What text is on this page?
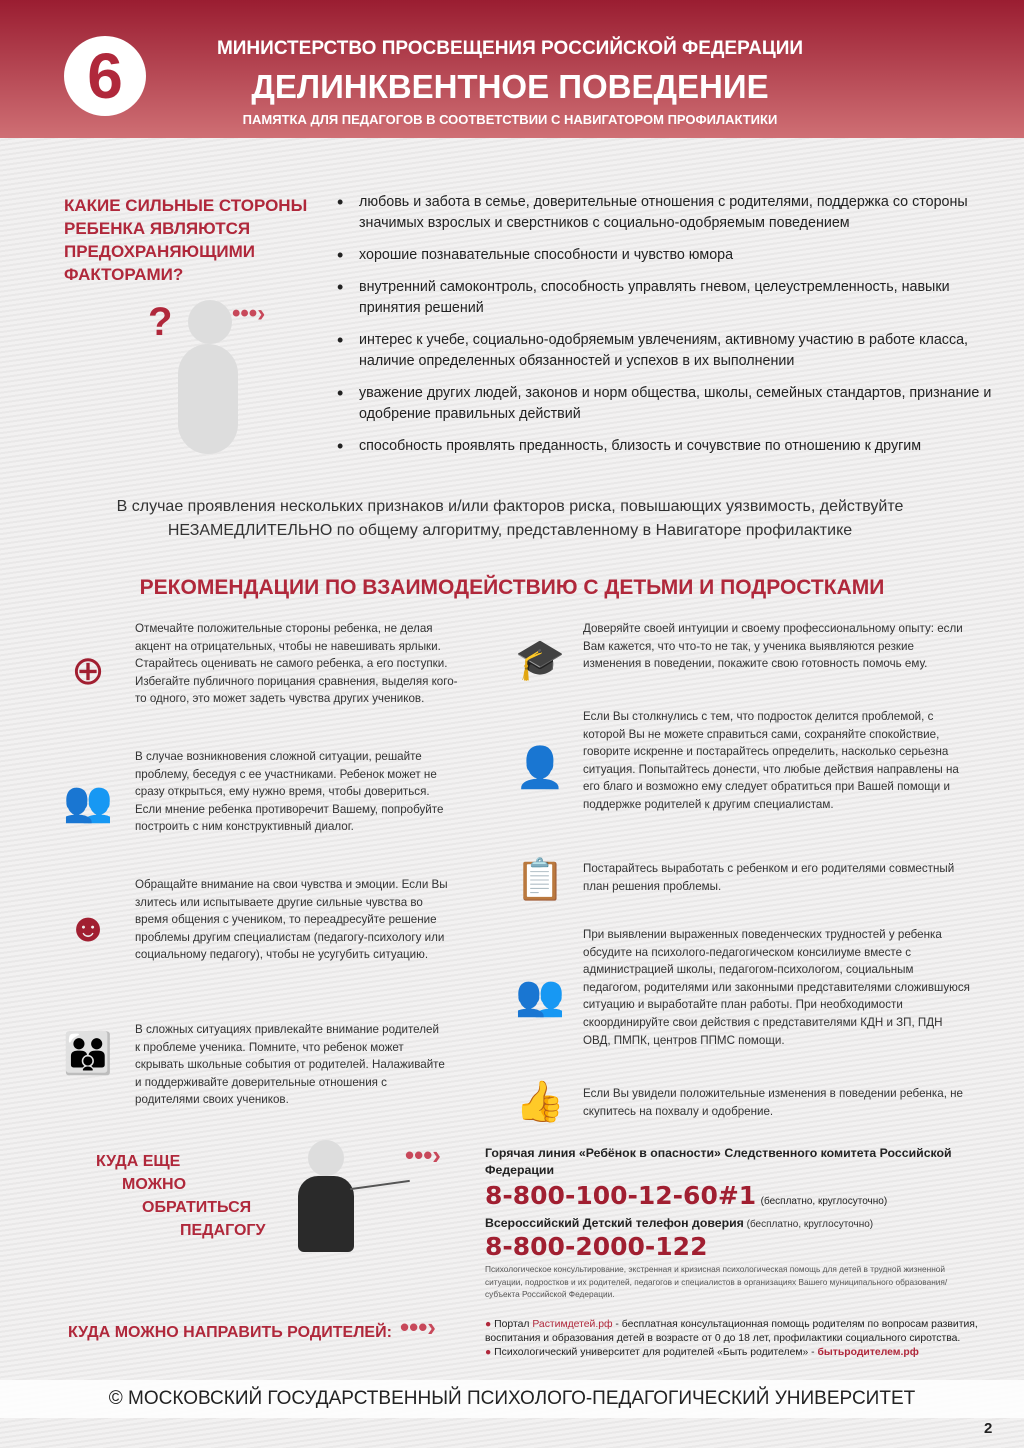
6	МИНИСТЕРСТВО ПРОСВЕЩЕНИЯ РОССИЙСКОЙ ФЕДЕРАЦИИ
ДЕЛИНКВЕНТНОЕ ПОВЕДЕНИЕ
ПАМЯТКА ДЛЯ ПЕДАГОГОВ В СООТВЕТСТВИИ С НАВИГАТОРОМ ПРОФИЛАКТИКИ
КАКИЕ СИЛЬНЫЕ СТОРОНЫ РЕБЕНКА ЯВЛЯЮТСЯ ПРЕДОХРАНЯЮЩИМИ ФАКТОРАМИ?
? •••›
• любовь и забота в семье, доверительные отношения с родителями, поддержка со стороны значимых взрослых и сверстников с социально-одобряемым поведением
• хорошие познавательные способности и чувство юмора
• внутренний самоконтроль, способность управлять гневом, целеустремленность, навыки принятия решений
• интерес к учебе, социально-одобряемым увлечениям, активному участию в работе класса, наличие определенных обязанностей и успехов в их выполнении
• уважение других людей, законов и норм общества, школы, семейных стандартов, признание и одобрение правильных действий
• способность проявлять преданность, близость и сочувствие по отношению к другим
В случае проявления нескольких признаков и/или факторов риска, повышающих уязвимость, действуйте НЕЗАМЕДЛИТЕЛЬНО по общему алгоритму, представленному в Навигаторе профилактике
РЕКОМЕНДАЦИИ ПО ВЗАИМОДЕЙСТВИЮ С ДЕТЬМИ И ПОДРОСТКАМИ
⊕
Отмечайте положительные стороны ребенка, не делая акцент на отрицательных, чтобы не навешивать ярлыки. Старайтесь оценивать не самого ребенка, а его поступки. Избегайте публичного порицания сравнения, выделяя кого-то одного, это может задеть чувства других учеников.
👥
В случае возникновения сложной ситуации, решайте проблему, беседуя с ее участниками. Ребенок может не сразу открыться, ему нужно время, чтобы довериться. Если мнение ребенка противоречит Вашему, попробуйте построить с ним конструктивный диалог.
☻
Обращайте внимание на свои чувства и эмоции. Если Вы злитесь или испытываете другие сильные чувства во время общения с учеником, то переадресуйте решение проблемы другим специалистам (педагогу-психологу или социальному педагогу), чтобы не усугубить ситуацию.
👪
В сложных ситуациях привлекайте внимание родителей к проблеме ученика. Помните, что ребенок может скрывать школьные события от родителей. Налаживайте и поддерживайте доверительные отношения с родителями своих учеников.
🎓
Доверяйте своей интуиции и своему профессиональному опыту: если Вам кажется, что что-то не так, у ученика выявляются резкие изменения в поведении, покажите свою готовность помочь ему.
👤
Если Вы столкнулись с тем, что подросток делится проблемой, с которой Вы не можете справиться сами, сохраняйте спокойствие, говорите искренне и постарайтесь определить, насколько серьезна ситуация. Попытайтесь донести, что любые действия направлены на его благо и возможно ему следует обратиться при Вашей помощи и поддержке родителей к другим специалистам.
📋 Постарайтесь выработать с ребенком и его родителями совместный план решения проблемы.
👥
При выявлении выраженных поведенческих трудностей у ребенка обсудите на психолого-педагогическом консилиуме вместе с администрацией школы, педагогом-психологом, социальным педагогом, родителями или законными представителями сложившуюся ситуацию и выработайте план работы. При необходимости скоординируйте свои действия с представителями КДН и ЗП, ПДН ОВД, ПМПК, центров ППМС помощи.
👍 Если Вы увидели положительные изменения в поведении ребенка, не скупитесь на похвалу и одобрение.
КУДА ЕЩЕ
МОЖНО
ОБРАТИТЬСЯ
ПЕДАГОГУ
•••›	Горячая линия «Ребёнок в опасности» Следственного комитета Российской Федерации
8-800-100-12-60#1 (бесплатно, круглосуточно)
Всероссийский Детский телефон доверия (бесплатно, круглосуточно)
8-800-2000-122
Психологическое консультирование, экстренная и кризисная психологическая помощь для детей в трудной жизненной ситуации, подростков и их родителей, педагогов и специалистов в организациях Вашего муниципального образования/субъекта Российской Федерации.
КУДА МОЖНО НАПРАВИТЬ РОДИТЕЛЕЙ: •••›	● Портал Растимдетей.рф - бесплатная консультационная помощь родителям по вопросам развития, воспитания и образования детей в возрасте от 0 до 18 лет, профилактики социального сиротства.
● Психологический университет для родителей «Быть родителем» - бытьродителем.рф
© МОСКОВСКИЙ ГОСУДАРСТВЕННЫЙ ПСИХОЛОГО-ПЕДАГОГИЧЕСКИЙ УНИВЕРСИТЕТ
2
